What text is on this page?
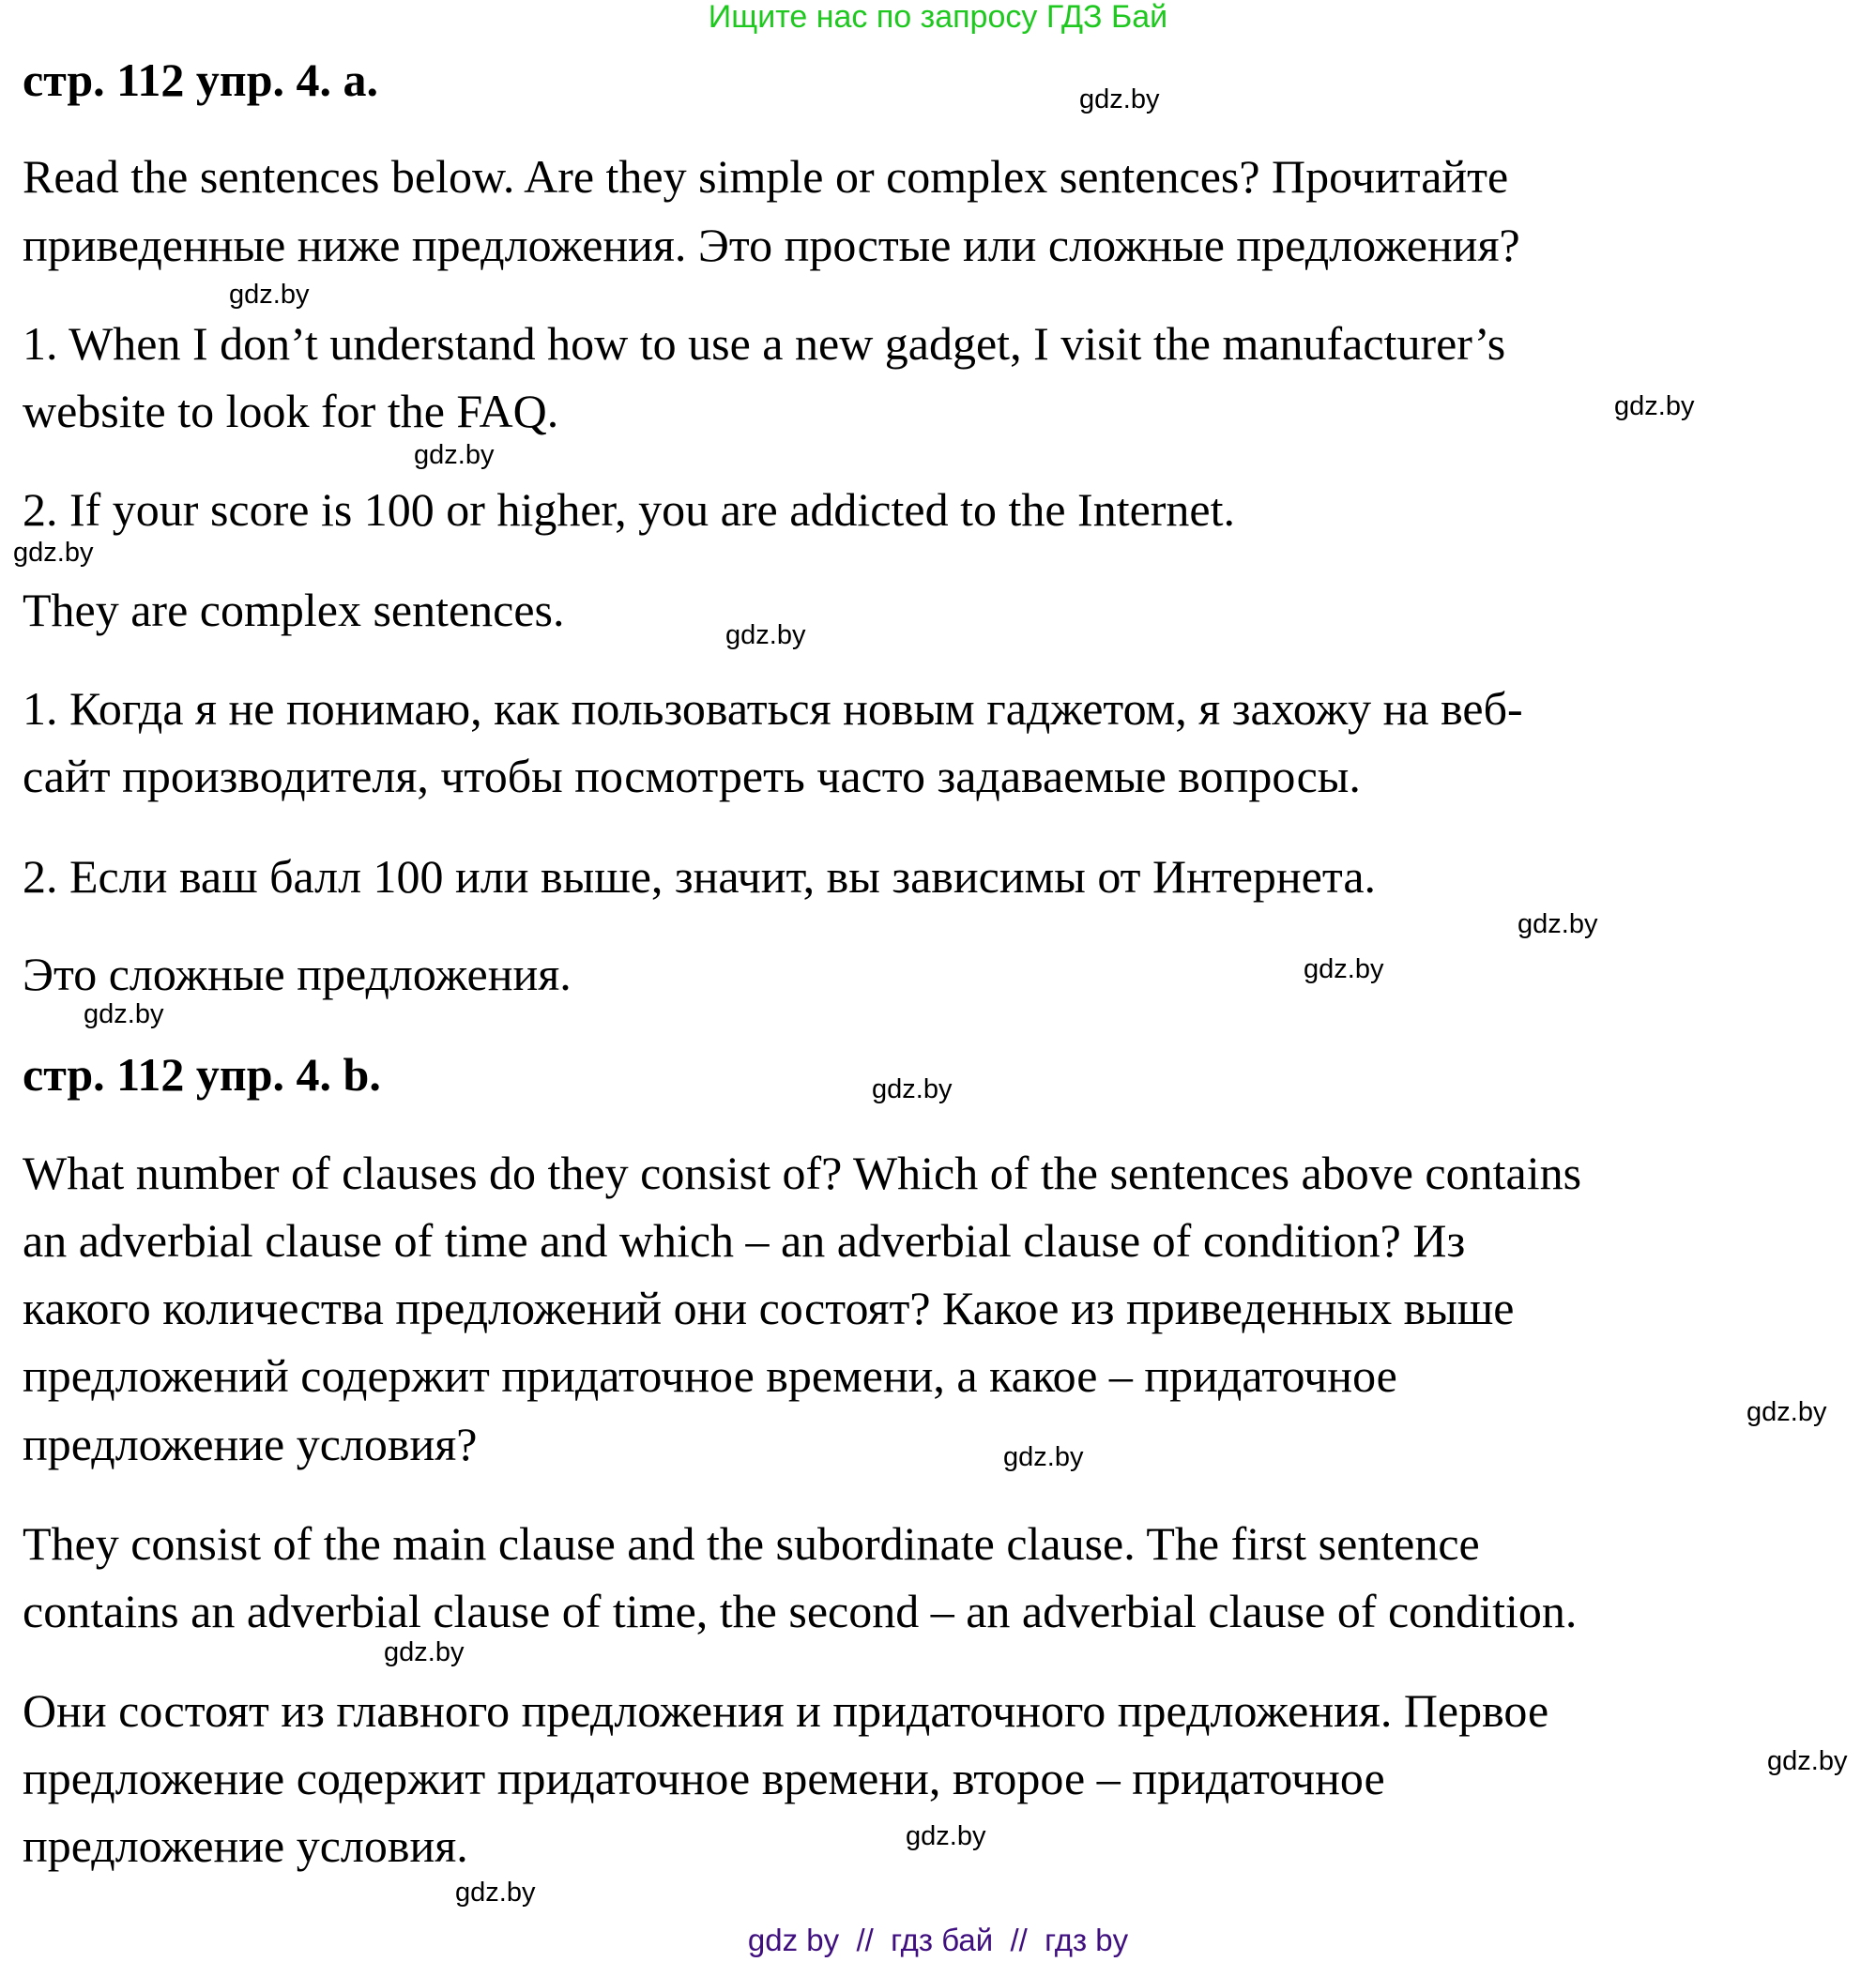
Ищите нас по запросу ГДЗ Бай
стр. 112 упр. 4. a.	gdz.by
Read the sentences below. Are they simple or complex sentences? Прочитайте
приведенные ниже предложения. Это простые или сложные предложения?
gdz.by
1. When I don’t understand how to use a new gadget, I visit the manufacturer’s
website to look for the FAQ.	gdz.by
gdz.by
2. If your score is 100 or higher, you are addicted to the Internet.
gdz.by
They are complex sentences.	gdz.by
1. Когда я не понимаю, как пользоваться новым гаджетом, я захожу на веб-
сайт производителя, чтобы посмотреть часто задаваемые вопросы.
2. Если ваш балл 100 или выше, значит, вы зависимы от Интернета.
gdz.by
gdz.by
Это сложные предложения.
gdz.by
стр. 112 упр. 4. b.	gdz.by
What number of clauses do they consist of? Which of the sentences above contains
an adverbial clause of time and which – an adverbial clause of condition? Из
какого количества предложений они состоят? Какое из приведенных выше
предложений содержит придаточное времени, а какое – придаточное
gdz.by
предложение условия?	gdz.by
They consist of the main clause and the subordinate clause. The first sentence
contains an adverbial clause of time, the second – an adverbial clause of condition.
gdz.by
Они состоят из главного предложения и придаточного предложения. Первое
gdz.by
предложение содержит придаточное времени, второе – придаточное
gdz.by
предложение условия.
gdz.by
gdz by  //  гдз бай  //  гдз by
